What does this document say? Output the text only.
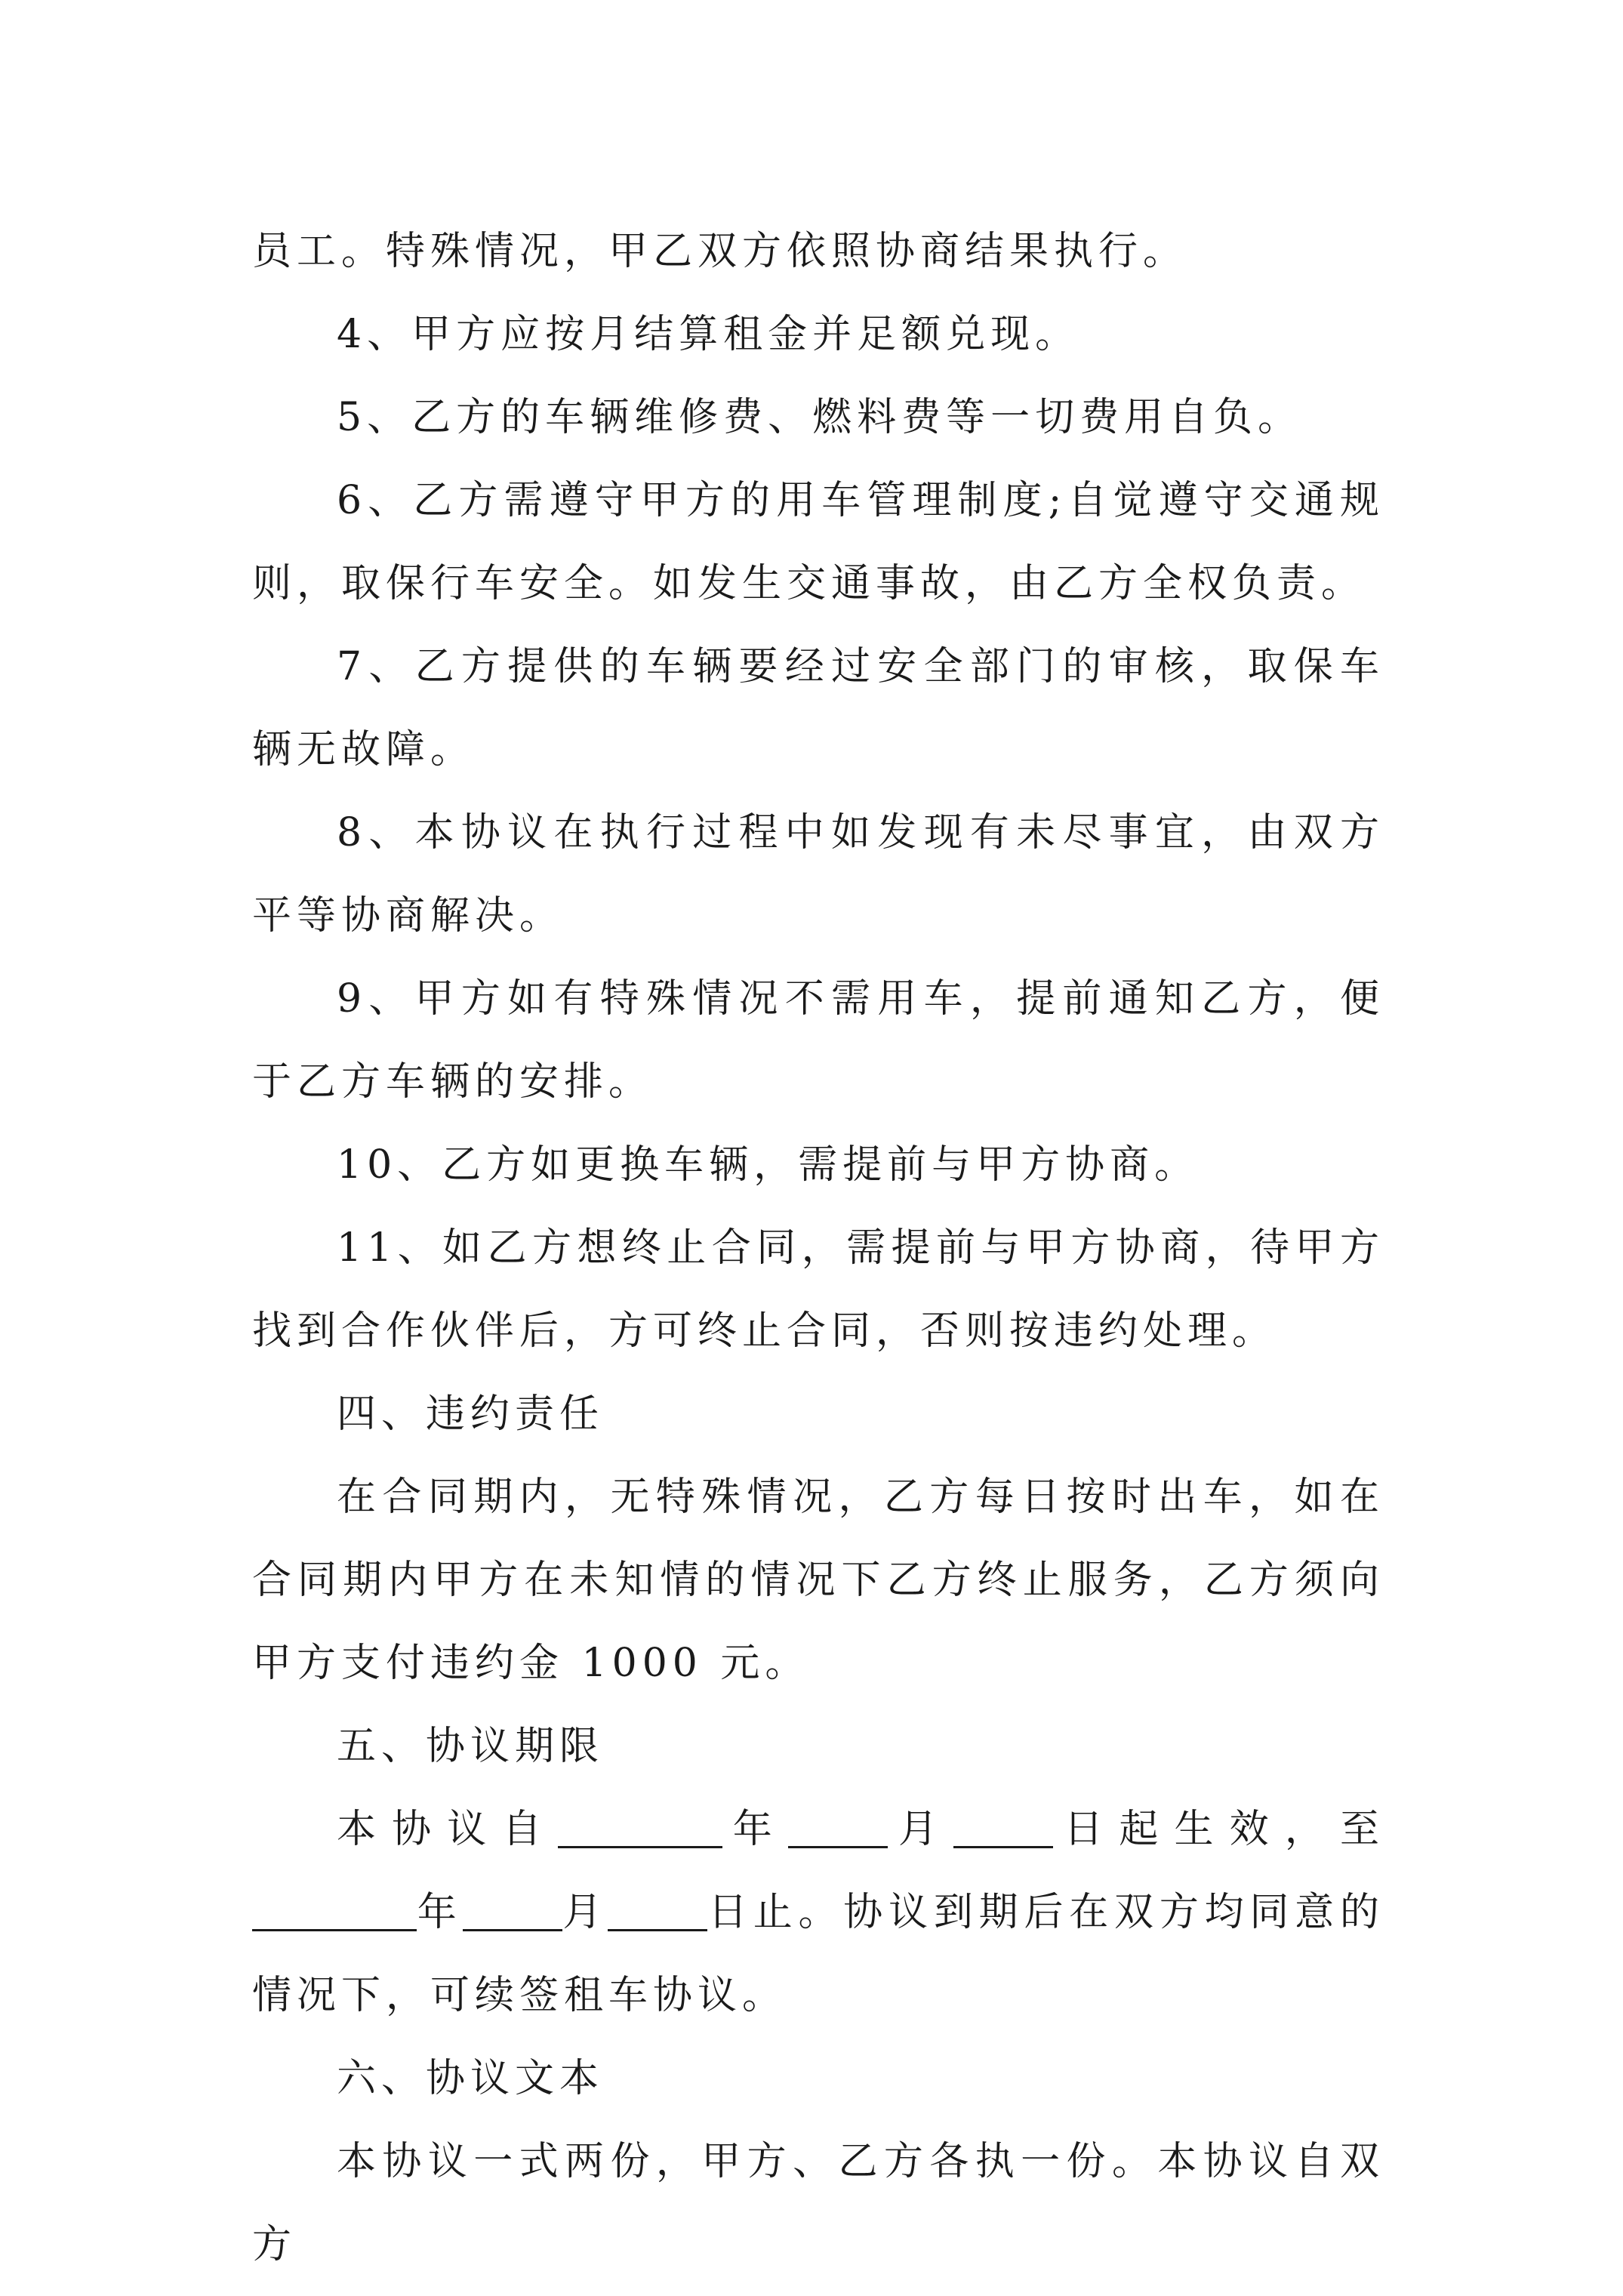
员工。特殊情况，甲乙双方依照协商结果执行。

4、甲方应按月结算租金并足额兑现。

5、乙方的车辆维修费、燃料费等一切费用自负。

6、乙方需遵守甲方的用车管理制度;自觉遵守交通规则，取保行车安全。如发生交通事故，由乙方全权负责。

7、乙方提供的车辆要经过安全部门的审核，取保车辆无故障。

8、本协议在执行过程中如发现有未尽事宜，由双方平等协商解决。

9、甲方如有特殊情况不需用车，提前通知乙方，便于乙方车辆的安排。

10、乙方如更换车辆，需提前与甲方协商。

11、如乙方想终止合同，需提前与甲方协商，待甲方找到合作伙伴后，方可终止合同，否则按违约处理。

四、违约责任

在合同期内，无特殊情况，乙方每日按时出车，如在合同期内甲方在未知情的情况下乙方终止服务，乙方须向甲方支付违约金 1000 元。

五、协议期限

本协议自	年	月	日起生效，至年	月	日止。协议到期后在双方均同意的情况下，可续签租车协议。

六、协议文本

本协议一式两份，甲方、乙方各执一份。本协议自双方
